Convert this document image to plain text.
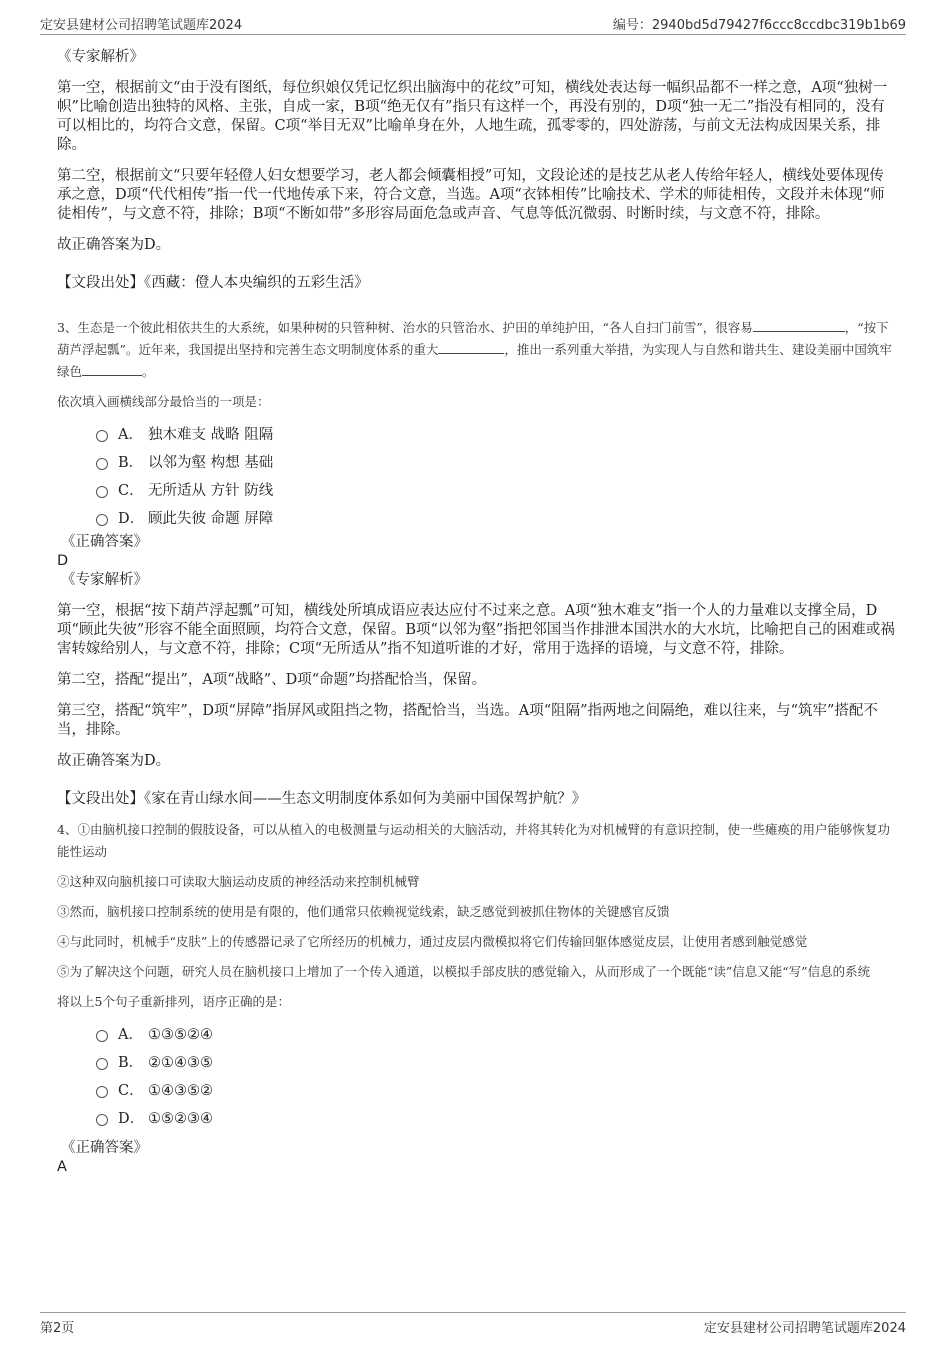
定安县建材公司招聘笔试题库2024	编号：2940bd5d79427f6ccc8ccdbc319b1b69

《专家解析》

第一空，根据前文“由于没有图纸，每位织娘仅凭记忆织出脑海中的花纹”可知，横线处表达每一幅织品都不一样之意，A项“独树一帜”比喻创造出独特的风格、主张，自成一家，B项“绝无仅有”指只有这样一个，再没有别的，D项“独一无二”指没有相同的，没有可以相比的，均符合文意，保留。C项“举目无双”比喻单身在外，人地生疏，孤零零的，四处游荡，与前文无法构成因果关系，排除。

第二空，根据前文“只要年轻僜人妇女想要学习，老人都会倾囊相授”可知，文段论述的是技艺从老人传给年轻人，横线处要体现传承之意，D项“代代相传”指一代一代地传承下来，符合文意，当选。A项“衣钵相传”比喻技术、学术的师徒相传，文段并未体现“师徒相传”，与文意不符，排除；B项“不断如带”多形容局面危急或声音、气息等低沉微弱、时断时续，与文意不符，排除。

故正确答案为D。

【文段出处】《西藏：僜人本央编织的五彩生活》

3、生态是一个彼此相依共生的大系统，如果种树的只管种树、治水的只管治水、护田的单纯护田，“各人自扫门前雪”，很容易	，“按下葫芦浮起瓢”。近年来，我国提出坚持和完善生态文明制度体系的重大	，推出一系列重大举措，为实现人与自然和谐共生、建设美丽中国筑牢绿色	。

依次填入画横线部分最恰当的一项是：

A． 独木难支 战略 阻隔
B． 以邻为壑 构想 基础
C． 无所适从 方针 防线
D． 顾此失彼 命题 屏障

《正确答案》

D

《专家解析》

第一空，根据“按下葫芦浮起瓢”可知，横线处所填成语应表达应付不过来之意。A项“独木难支”指一个人的力量难以支撑全局，D项“顾此失彼”形容不能全面照顾，均符合文意，保留。B项“以邻为壑”指把邻国当作排泄本国洪水的大水坑，比喻把自己的困难或祸害转嫁给别人，与文意不符，排除；C项“无所适从”指不知道听谁的才好，常用于选择的语境，与文意不符，排除。

第二空，搭配“提出”，A项“战略”、D项“命题”均搭配恰当，保留。

第三空，搭配“筑牢”，D项“屏障”指屏风或阻挡之物，搭配恰当，当选。A项“阻隔”指两地之间隔绝，难以往来，与“筑牢”搭配不当，排除。

故正确答案为D。

【文段出处】《家在青山绿水间——生态文明制度体系如何为美丽中国保驾护航？》

4、①由脑机接口控制的假肢设备，可以从植入的电极测量与运动相关的大脑活动，并将其转化为对机械臂的有意识控制，使一些瘫痪的用户能够恢复功能性运动

②这种双向脑机接口可读取大脑运动皮质的神经活动来控制机械臂

③然而，脑机接口控制系统的使用是有限的，他们通常只依赖视觉线索，缺乏感觉到被抓住物体的关键感官反馈

④与此同时，机械手“皮肤”上的传感器记录了它所经历的机械力，通过皮层内微模拟将它们传输回躯体感觉皮层，让使用者感到触觉感觉

⑤为了解决这个问题，研究人员在脑机接口上增加了一个传入通道，以模拟手部皮肤的感觉输入，从而形成了一个既能“读”信息又能“写”信息的系统

将以上5个句子重新排列，语序正确的是：

A． ①③⑤②④
B． ②①④③⑤
C． ①④③⑤②
D． ①⑤②③④

《正确答案》

A

第2页	定安县建材公司招聘笔试题库2024
